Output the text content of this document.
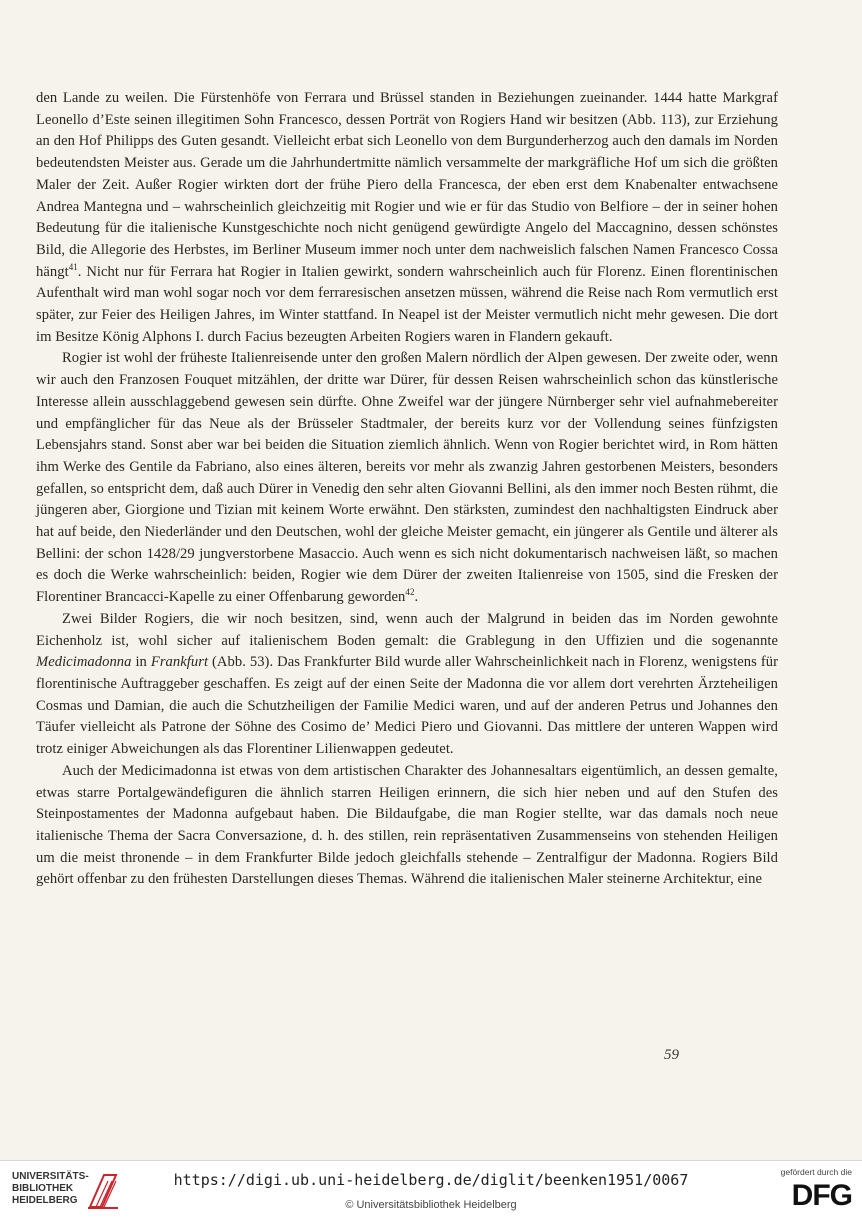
den Lande zu weilen. Die Fürstenhöfe von Ferrara und Brüssel standen in Beziehungen zueinander. 1444 hatte Markgraf Leonello d’Este seinen illegitimen Sohn Francesco, dessen Porträt von Rogiers Hand wir besitzen (Abb. 113), zur Erziehung an den Hof Philipps des Guten gesandt. Vielleicht erbat sich Leonello von dem Burgunderherzog auch den damals im Norden bedeutendsten Meister aus. Gerade um die Jahrhundertmitte nämlich versammelte der markgräfliche Hof um sich die größten Maler der Zeit. Außer Rogier wirkten dort der frühe Piero della Francesca, der eben erst dem Knabenalter entwachsene Andrea Mantegna und – wahrscheinlich gleichzeitig mit Rogier und wie er für das Studio von Belfiore – der in seiner hohen Bedeutung für die italienische Kunstgeschichte noch nicht genügend gewürdigte Angelo del Maccagnino, dessen schönstes Bild, die Allegorie des Herbstes, im Berliner Museum immer noch unter dem nachweislich falschen Namen Francesco Cossa hängt$^{41}$. Nicht nur für Ferrara hat Rogier in Italien gewirkt, sondern wahrscheinlich auch für Florenz. Einen florentinischen Aufenthalt wird man wohl sogar noch vor dem ferraresischen ansetzen müssen, während die Reise nach Rom vermutlich erst später, zur Feier des Heiligen Jahres, im Winter stattfand. In Neapel ist der Meister vermutlich nicht mehr gewesen. Die dort im Besitze König Alphons I. durch Facius bezeugten Arbeiten Rogiers waren in Flandern gekauft.

Rogier ist wohl der früheste Italienreisende unter den großen Malern nördlich der Alpen gewesen. Der zweite oder, wenn wir auch den Franzosen Fouquet mitzählen, der dritte war Dürer, für dessen Reisen wahrscheinlich schon das künstlerische Interesse allein ausschlaggebend gewesen sein dürfte. Ohne Zweifel war der jüngere Nürnberger sehr viel aufnahmebereiter und empfänglicher für das Neue als der Brüsseler Stadtmaler, der bereits kurz vor der Vollendung seines fünfzigsten Lebensjahrs stand. Sonst aber war bei beiden die Situation ziemlich ähnlich. Wenn von Rogier berichtet wird, in Rom hätten ihm Werke des Gentile da Fabriano, also eines älteren, bereits vor mehr als zwanzig Jahren gestorbenen Meisters, besonders gefallen, so entspricht dem, daß auch Dürer in Venedig den sehr alten Giovanni Bellini, als den immer noch Besten rühmt, die jüngeren aber, Giorgione und Tizian mit keinem Worte erwähnt. Den stärksten, zumindest den nachhaltigsten Eindruck aber hat auf beide, den Niederländer und den Deutschen, wohl der gleiche Meister gemacht, ein jüngerer als Gentile und älterer als Bellini: der schon 1428/29 jungverstorbene Masaccio. Auch wenn es sich nicht dokumentarisch nachweisen läßt, so machen es doch die Werke wahrscheinlich: beiden, Rogier wie dem Dürer der zweiten Italienreise von 1505, sind die Fresken der Florentiner Brancacci-Kapelle zu einer Offenbarung geworden$^{42}$.

Zwei Bilder Rogiers, die wir noch besitzen, sind, wenn auch der Malgrund in beiden das im Norden gewohnte Eichenholz ist, wohl sicher auf italienischem Boden gemalt: die Grablegung in den Uffizien und die sogenannte Medicimadonna in Frankfurt (Abb. 53). Das Frankfurter Bild wurde aller Wahrscheinlichkeit nach in Florenz, wenigstens für florentinische Auftraggeber geschaffen. Es zeigt auf der einen Seite der Madonna die vor allem dort verehrten Ärzteheiligen Cosmas und Damian, die auch die Schutzheiligen der Familie Medici waren, und auf der anderen Petrus und Johannes den Täufer vielleicht als Patrone der Söhne des Cosimo de’ Medici Piero und Giovanni. Das mittlere der unteren Wappen wird trotz einiger Abweichungen als das Florentiner Lilienwappen gedeutet.

Auch der Medicimadonna ist etwas von dem artistischen Charakter des Johannesaltars eigentümlich, an dessen gemalte, etwas starre Portalgewändefiguren die ähnlich starren Heiligen erinnern, die sich hier neben und auf den Stufen des Steinpostamentes der Madonna aufgebaut haben. Die Bildaufgabe, die man Rogier stellte, war das damals noch neue italienische Thema der Sacra Conversazione, d. h. des stillen, rein repräsentativen Zusammenseins von stehenden Heiligen um die meist thronende – in dem Frankfurter Bilde jedoch gleichfalls stehende – Zentralfigur der Madonna. Rogiers Bild gehört offenbar zu den frühesten Darstellungen dieses Themas. Während die italienischen Maler steinerne Architektur, eine

59
UNIVERSITÄTS-
BIBLIOTHEK
HEIDELBERG
https://digi.ub.uni-heidelberg.de/diglit/beenken1951/0067
© Universitätsbibliothek Heidelberg
gefördert durch die
DFG
